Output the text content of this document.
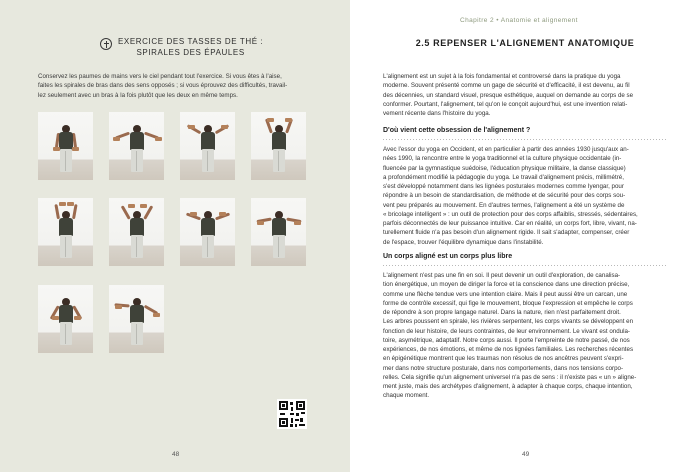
EXERCICE DES TASSES DE THÉ :
SPIRALES DES ÉPAULES
Conservez les paumes de mains vers le ciel pendant tout l'exercice. Si vous êtes à l'aise,
faites les spirales de bras dans des sens opposés ; si vous éprouvez des difficultés, travail-
lez seulement avec un bras à la fois plutôt que les deux en même temps.
48
Chapitre 2 • Anatomie et alignement
2.5 REPENSER L'ALIGNEMENT ANATOMIQUE
L'alignement est un sujet à la fois fondamental et controversé dans la pratique du yoga
moderne. Souvent présenté comme un gage de sécurité et d'efficacité, il est devenu, au fil
des décennies, un standard visuel, presque esthétique, auquel on demande au corps de se
conformer. Pourtant, l'alignement, tel qu'on le conçoit aujourd'hui, est une invention relati-
vement récente dans l'histoire du yoga.
D'où vient cette obsession de l'alignement ?
Avec l'essor du yoga en Occident, et en particulier à partir des années 1930 jusqu'aux an-
nées 1990, la rencontre entre le yoga traditionnel et la culture physique occidentale (in-
fluencée par la gymnastique suédoise, l'éducation physique militaire, la danse classique)
a profondément modifié la pédagogie du yoga. Le travail d'alignement précis, millimétré,
s'est développé notamment dans les lignées posturales modernes comme Iyengar, pour
répondre à un besoin de standardisation, de méthode et de sécurité pour des corps sou-
vent peu préparés au mouvement. En d'autres termes, l'alignement a été un système de
« bricolage intelligent » : un outil de protection pour des corps affaiblis, stressés, sédentaires,
parfois déconnectés de leur puissance intuitive. Car en réalité, un corps fort, libre, vivant, na-
turellement fluide n'a pas besoin d'un alignement rigide. Il sait s'adapter, compenser, créer
de l'espace, trouver l'équilibre dynamique dans l'instabilité.
Un corps aligné est un corps plus libre
L'alignement n'est pas une fin en soi. Il peut devenir un outil d'exploration, de canalisa-
tion énergétique, un moyen de diriger la force et la conscience dans une direction précise,
comme une flèche tendue vers une intention claire. Mais il peut aussi être un carcan, une
forme de contrôle excessif, qui fige le mouvement, bloque l'expression et empêche le corps
de répondre à son propre langage naturel. Dans la nature, rien n'est parfaitement droit.
Les arbres poussent en spirale, les rivières serpentent, les corps vivants se développent en
fonction de leur histoire, de leurs contraintes, de leur environnement. Le vivant est ondula-
toire, asymétrique, adaptatif. Notre corps aussi. Il porte l'empreinte de notre passé, de nos
expériences, de nos émotions, et même de nos lignées familiales. Les recherches récentes
en épigénétique montrent que les traumas non résolus de nos ancêtres peuvent s'expri-
mer dans notre structure posturale, dans nos comportements, dans nos tensions corpo-
relles. Cela signifie qu'un alignement universel n'a pas de sens : il n'existe pas « un » aligne-
ment juste, mais des archétypes d'alignement, à adapter à chaque corps, chaque intention,
chaque moment.
49
